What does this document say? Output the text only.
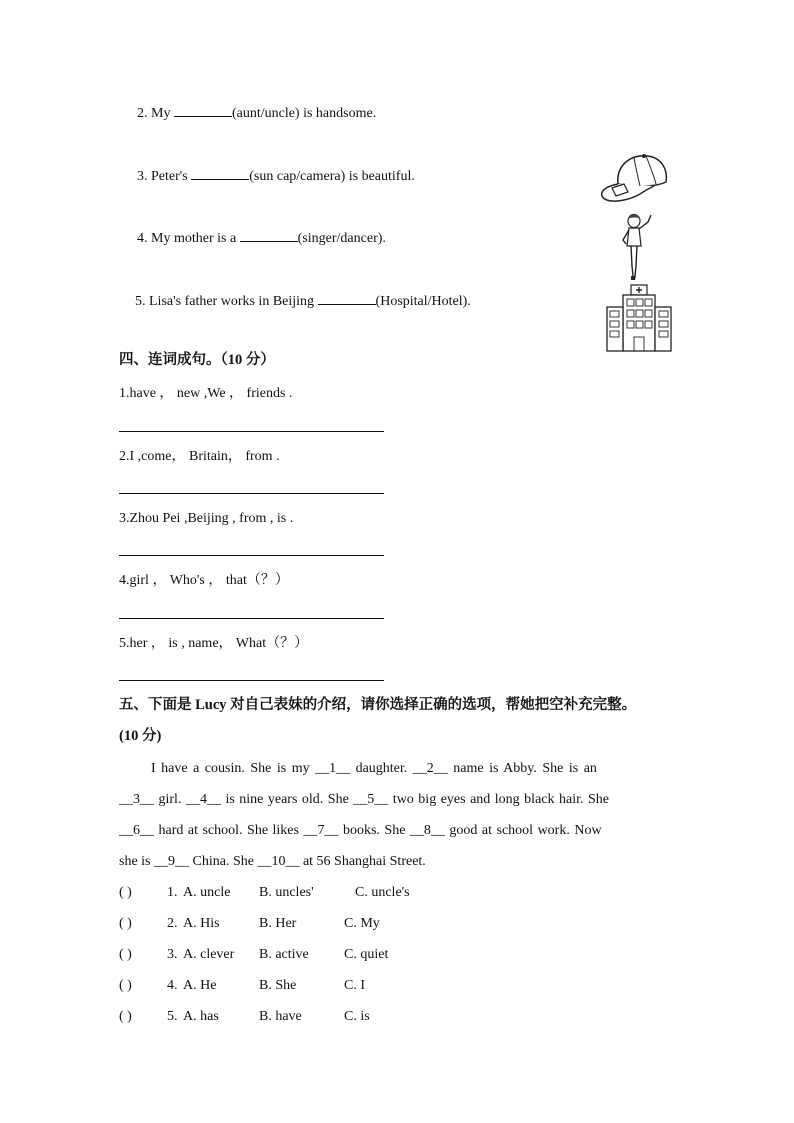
2. My	(aunt/uncle) is handsome.
3. Peter's	(sun cap/camera) is beautiful.
4. My mother is a	(singer/dancer).
5. Lisa's father works in Beijing	(Hospital/Hotel).
四、连词成句。（10 分）
1.have ， new ,We ， friends .
2.I ,come， Britain， from .
3.Zhou Pei ,Beijing , from , is .
4.girl ， Who's ， that（？）
5.her ， is , name， What（？）
五、下面是 Lucy 对自己表妹的介绍，请你选择正确的选项，帮她把空补充完整。
(10 分)
I have a cousin. She is my __1__ daughter. __2__ name is Abby. She is an
__3__ girl. __4__ is nine years old. She __5__ two big eyes and long black hair. She
__6__ hard at school. She likes __7__ books. She __8__ good at school work. Now
she is __9__ China. She __10__ at 56 Shanghai Street.
( )	1. A. uncle B. uncles'	C. uncle's
( )	2. A. His	B. Her	C. My
( )	3. A. clever B. active	C. quiet
( )	4. A. He	B. She	C. I
( )	5. A. has	B. have	C. is
